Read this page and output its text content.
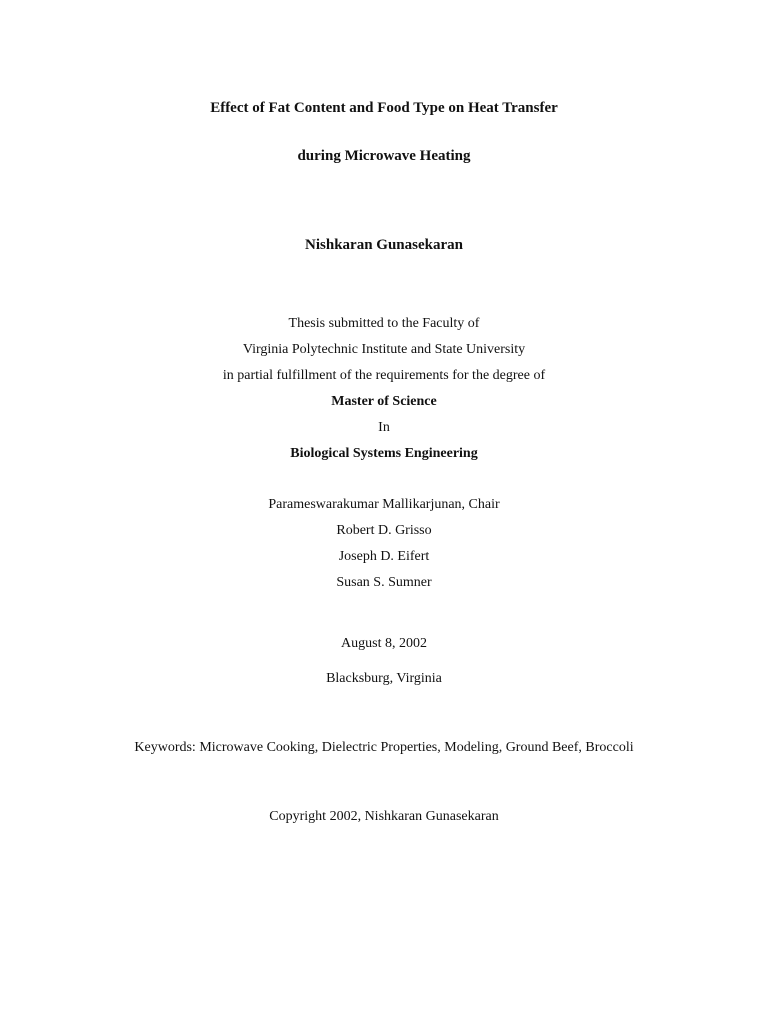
Effect of Fat Content and Food Type on Heat Transfer
during Microwave Heating
Nishkaran Gunasekaran
Thesis submitted to the Faculty of
Virginia Polytechnic Institute and State University
in partial fulfillment of the requirements for the degree of
Master of Science
In
Biological Systems Engineering
Parameswarakumar Mallikarjunan, Chair
Robert D. Grisso
Joseph D. Eifert
Susan S. Sumner
August 8, 2002
Blacksburg, Virginia
Keywords: Microwave Cooking, Dielectric Properties, Modeling, Ground Beef, Broccoli
Copyright 2002, Nishkaran Gunasekaran
